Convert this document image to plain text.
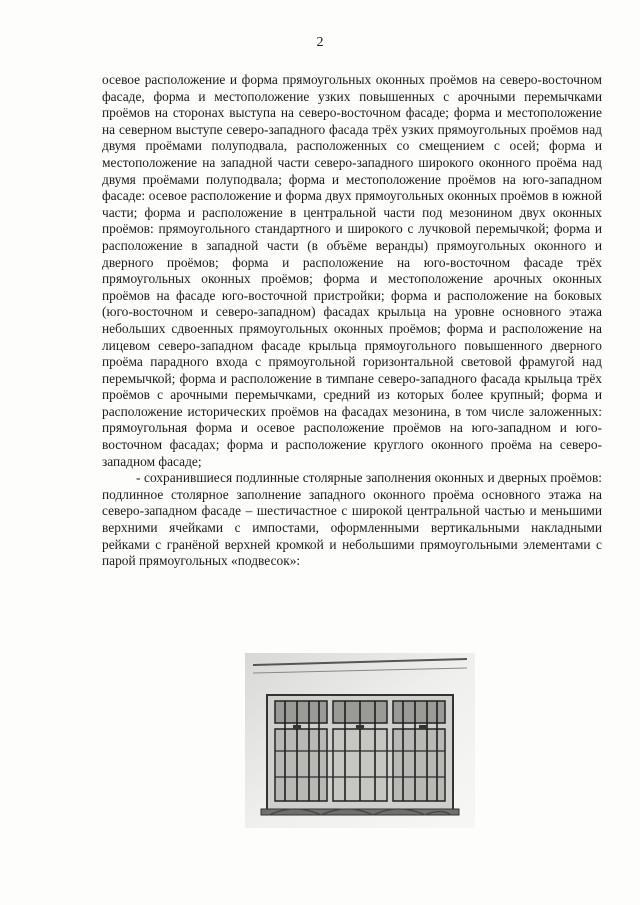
2

осевое расположение и форма прямоугольных оконных проёмов на северо-восточном фасаде, форма и местоположение узких повышенных с арочными перемычками проёмов на сторонах выступа на северо-восточном фасаде; форма и местоположение на северном выступе северо-западного фасада трёх узких прямоугольных проёмов над двумя проёмами полуподвала, расположенных со смещением с осей; форма и местоположение на западной части северо-западного широкого оконного проёма над двумя проёмами полуподвала; форма и местоположение проёмов на юго-западном фасаде: осевое расположение и форма двух прямоугольных оконных проёмов в южной части; форма и расположение в центральной части под мезонином двух оконных проёмов: прямоугольного стандартного и широкого с лучковой перемычкой; форма и расположение в западной части (в объёме веранды) прямоугольных оконного и дверного проёмов; форма и расположение на юго-восточном фасаде трёх прямоугольных оконных проёмов; форма и местоположение арочных оконных проёмов на фасаде юго-восточной пристройки; форма и расположение на боковых (юго-восточном и северо-западном) фасадах крыльца на уровне основного этажа небольших сдвоенных прямоугольных оконных проёмов; форма и расположение на лицевом северо-западном фасаде крыльца прямоугольного повышенного дверного проёма парадного входа с прямоугольной горизонтальной световой фрамугой над перемычкой; форма и расположение в тимпане северо-западного фасада крыльца трёх проёмов с арочными перемычками, средний из которых более крупный; форма и расположение исторических проёмов на фасадах мезонина, в том числе заложенных: прямоугольная форма и осевое расположение проёмов на юго-западном и юго-восточном фасадах; форма и расположение круглого оконного проёма на северо-западном фасаде;

- сохранившиеся подлинные столярные заполнения оконных и дверных проёмов: подлинное столярное заполнение западного оконного проёма основного этажа на северо-западном фасаде – шестичастное с широкой центральной частью и меньшими верхними ячейками с импостами, оформленными вертикальными накладными рейками с гранёной верхней кромкой и небольшими прямоугольными элементами с парой прямоугольных «подвесок»:
